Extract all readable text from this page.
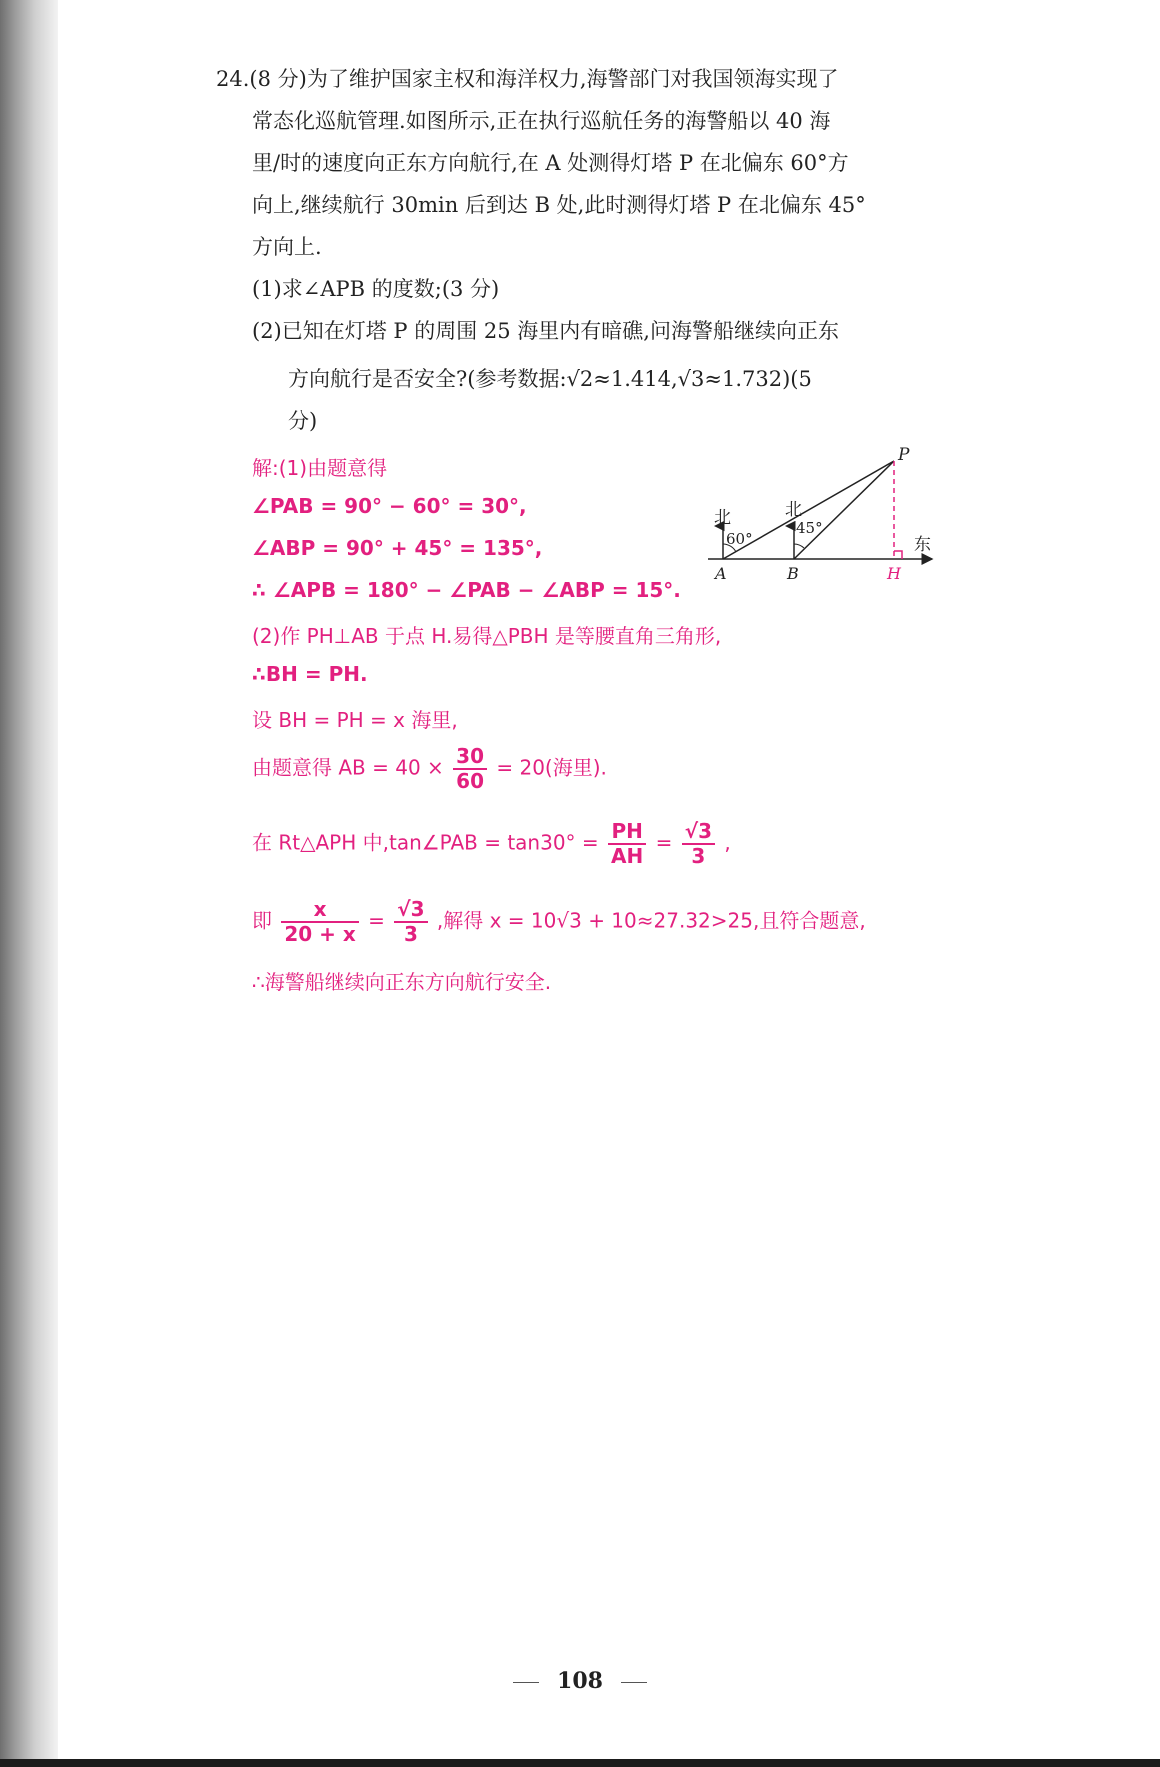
24.(8 分)为了维护国家主权和海洋权力,海警部门对我国领海实现了
常态化巡航管理.如图所示,正在执行巡航任务的海警船以 40 海
里/时的速度向正东方向航行,在 A 处测得灯塔 P 在北偏东 60°方
向上,继续航行 30min 后到达 B 处,此时测得灯塔 P 在北偏东 45°
方向上.
(1)求∠APB 的度数;(3 分)
(2)已知在灯塔 P 的周围 25 海里内有暗礁,问海警船继续向正东
方向航行是否安全?(参考数据:√2≈1.414,√3≈1.732)(5
分)
解:(1)由题意得
∠PAB = 90° − 60° = 30°,
∠ABP = 90° + 45° = 135°,
∴ ∠APB = 180° − ∠PAB − ∠ABP = 15°.
(2)作 PH⊥AB 于点 H.易得△PBH 是等腰直角三角形,
∴BH = PH.
设 BH = PH = x 海里,
由题意得 AB = $40 \times \frac{30}{60} = 20$(海里).
在 Rt△APH 中,tan∠PAB = $\tan 30^\circ = \frac{PH}{AH} = \frac{√3}{3}$ ,
即 $\frac{x}{20 + x} = \frac{√3}{3}$ ,解得 x = 10√3 + 10≈27.32>25,且符合题意,
∴海警船继续向正东方向航行安全.
P
A	B	H
北	北
东
60°
45°
108
